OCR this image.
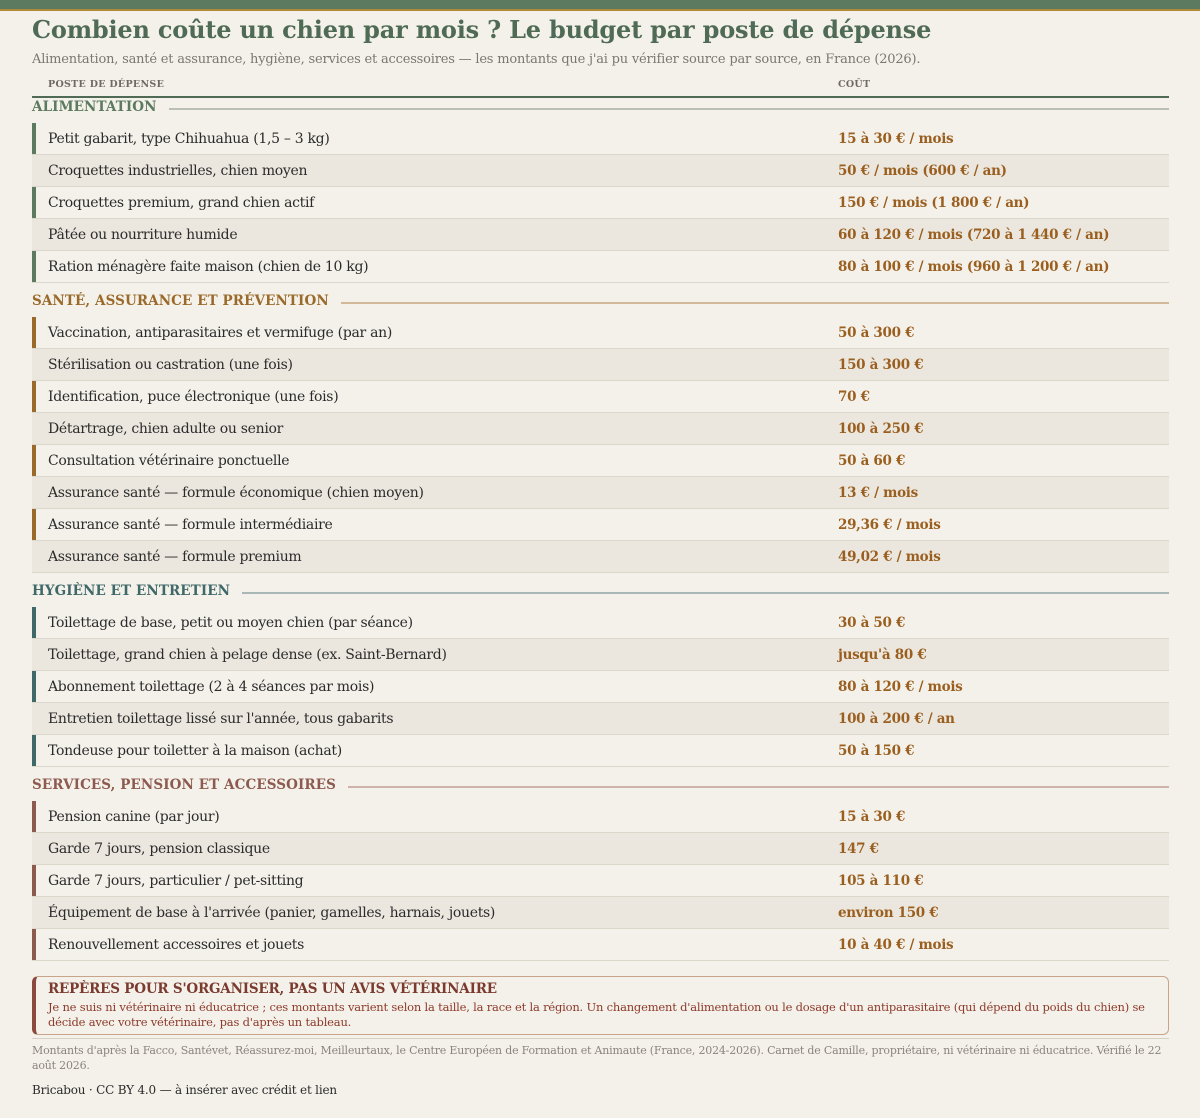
Combien coûte un chien par mois ? Le budget par poste de dépense
Alimentation, santé et assurance, hygiène, services et accessoires — les montants que j'ai pu vérifier source par source, en France (2026).
POSTE DE DÉPENSE	COÛT
ALIMENTATION
Petit gabarit, type Chihuahua (1,5 – 3 kg)	15 à 30 € / mois
Croquettes industrielles, chien moyen	50 € / mois (600 € / an)
Croquettes premium, grand chien actif	150 € / mois (1 800 € / an)
Pâtée ou nourriture humide	60 à 120 € / mois (720 à 1 440 € / an)
Ration ménagère faite maison (chien de 10 kg)	80 à 100 € / mois (960 à 1 200 € / an)
SANTÉ, ASSURANCE ET PRÉVENTION
Vaccination, antiparasitaires et vermifuge (par an)	50 à 300 €
Stérilisation ou castration (une fois)	150 à 300 €
Identification, puce électronique (une fois)	70 €
Détartrage, chien adulte ou senior	100 à 250 €
Consultation vétérinaire ponctuelle	50 à 60 €
Assurance santé — formule économique (chien moyen)	13 € / mois
Assurance santé — formule intermédiaire	29,36 € / mois
Assurance santé — formule premium	49,02 € / mois
HYGIÈNE ET ENTRETIEN
Toilettage de base, petit ou moyen chien (par séance)	30 à 50 €
Toilettage, grand chien à pelage dense (ex. Saint-Bernard)	jusqu'à 80 €
Abonnement toilettage (2 à 4 séances par mois)	80 à 120 € / mois
Entretien toilettage lissé sur l'année, tous gabarits	100 à 200 € / an
Tondeuse pour toiletter à la maison (achat)	50 à 150 €
SERVICES, PENSION ET ACCESSOIRES
Pension canine (par jour)	15 à 30 €
Garde 7 jours, pension classique	147 €
Garde 7 jours, particulier / pet-sitting	105 à 110 €
Équipement de base à l'arrivée (panier, gamelles, harnais, jouets)	environ 150 €
Renouvellement accessoires et jouets	10 à 40 € / mois
REPÈRES POUR S'ORGANISER, PAS UN AVIS VÉTÉRINAIRE
Je ne suis ni vétérinaire ni éducatrice ; ces montants varient selon la taille, la race et la région. Un changement d'alimentation ou le dosage d'un antiparasitaire (qui dépend du poids du chien) se décide avec votre vétérinaire, pas d'après un tableau.
Montants d'après la Facco, Santévet, Réassurez-moi, Meilleurtaux, le Centre Européen de Formation et Animaute (France, 2024-2026). Carnet de Camille, propriétaire, ni vétérinaire ni éducatrice. Vérifié le 22 août 2026.
Bricabou · CC BY 4.0 — à insérer avec crédit et lien
